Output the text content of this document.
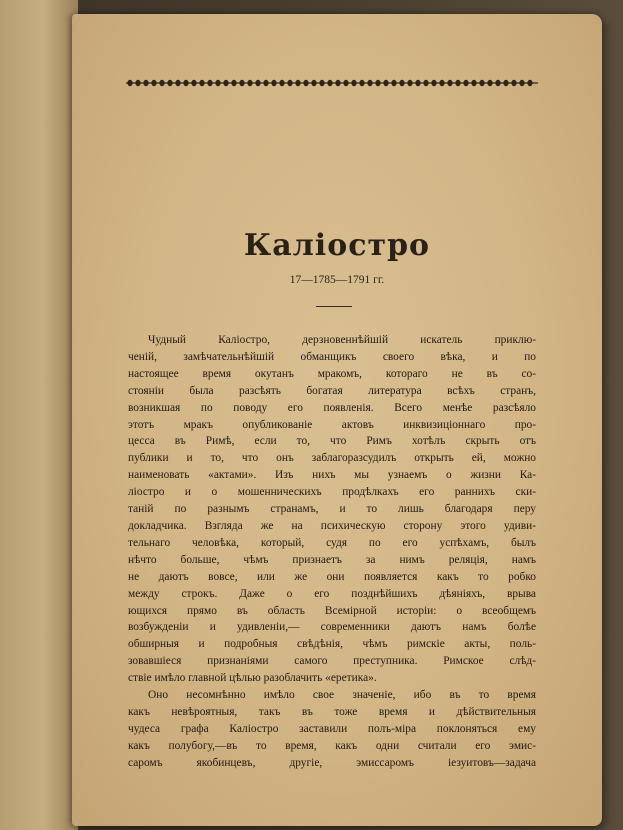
Каліостро
17—1785—1791 гг.
Чудный Каліостро, дерзновеннѣйшій искатель приклю-
ченій, замѣчательнѣйшій обманщикъ своего вѣка, и по
настоящее время окутанъ мракомъ, котораго не въ со-
стояніи была разсѣять богатая литература всѣхъ странъ,
возникшая по поводу его появленія. Всего менѣе разсѣяло
этотъ мракъ опубликованіе актовъ инквизиціоннаго про-
цесса въ Римѣ, если то, что Римъ хотѣлъ скрыть отъ
публики и то, что онъ заблагоразсудилъ открыть ей, можно
наименовать «актами». Изъ нихъ мы узнаемъ о жизни Ка-
ліостро и о мошенническихъ продѣлкахъ его раннихъ ски-
таній по разнымъ странамъ, и то лишь благодаря перу
докладчика. Взгляда же на психическую сторону этого удиви-
тельнаго человѣка, который, судя по его успѣхамъ, былъ
нѣчто больше, чѣмъ признаетъ за нимъ реляція, намъ
не даютъ вовсе, или же они появляется какъ то робко
между строкъ. Даже о его позднѣйшихъ дѣяніяхъ, врыва
ющихся прямо въ область Всемірной исторіи: о всеобщемъ
возбужденіи и удивленіи,— современники даютъ намъ болѣе
обширныя и подробныя свѣдѣнія, чѣмъ римскіе акты, поль-
зовавшіеся признаніями самого преступника. Римское слѣд-
ствіе имѣло главной цѣлью разоблачить «еретика».
Оно несомнѣнно имѣло свое значеніе, ибо въ то время
какъ невѣроятныя, такъ въ тоже время и дѣйствительныя
чудеса графа Каліостро заставили полъ-міра поклоняться ему
какъ полубогу,—въ то время, какъ одни считали его эмис-
саромъ якобинцевъ, другіе, эмиссаромъ іезуитовъ—задача
